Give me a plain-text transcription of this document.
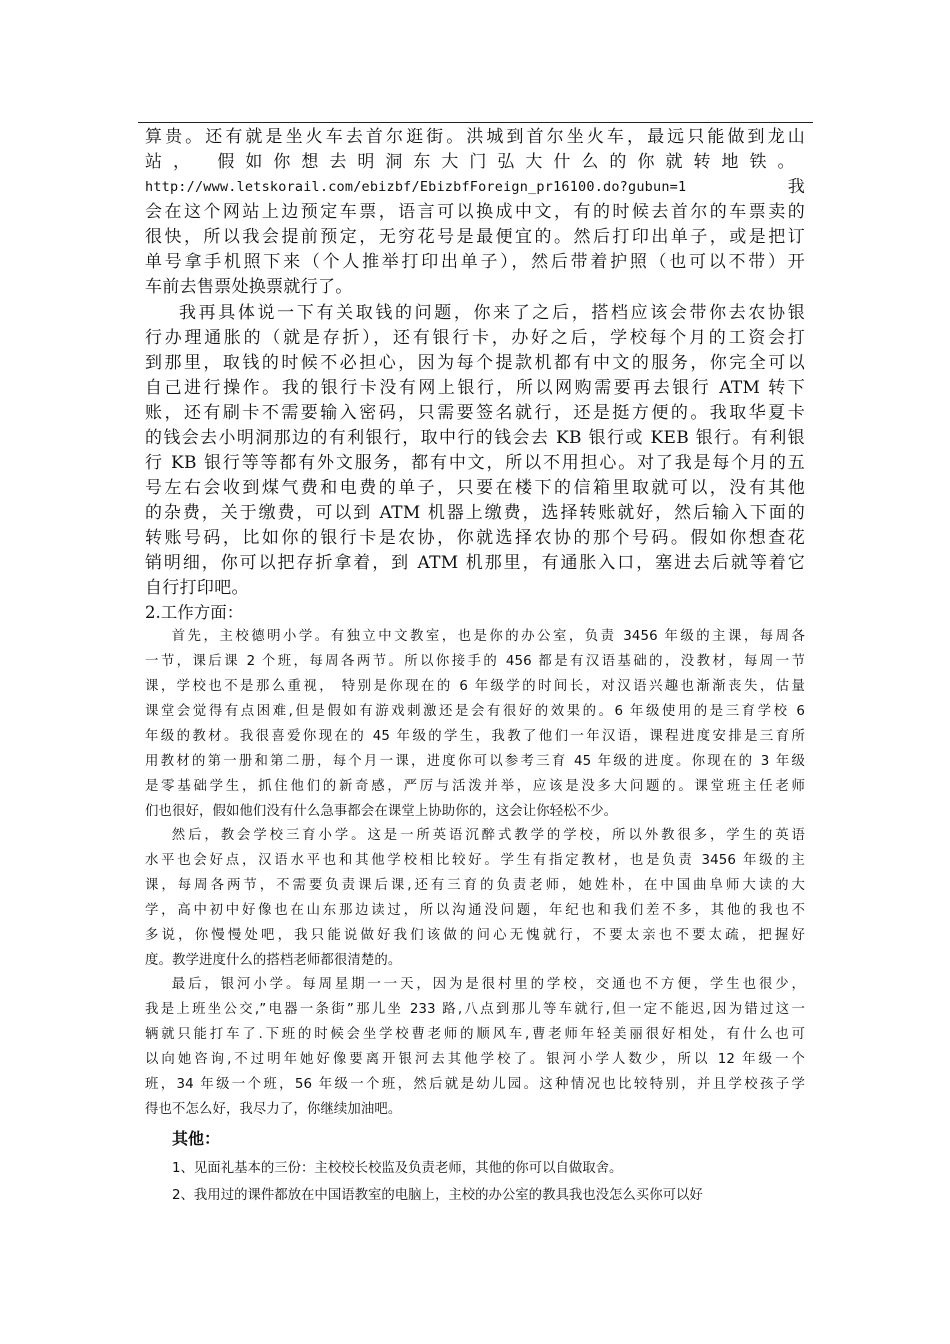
算贵。还有就是坐火车去首尔逛街。洪城到首尔坐火车，最远只能做到龙山

站， 假如你想去明洞东大门弘大什么的你就转地铁。

http://www.letskorail.com/ebizbf/EbizbfForeign_pr16100.do?gubun=1	我

会在这个网站上边预定车票，语言可以换成中文，有的时候去首尔的车票卖的

很快，所以我会提前预定，无穷花号是最便宜的。然后打印出单子，或是把订

单号拿手机照下来（个人推举打印出单子），然后带着护照（也可以不带）开

车前去售票处换票就行了。

我再具体说一下有关取钱的问题，你来了之后，搭档应该会带你去农协银

行办理通胀的（就是存折），还有银行卡，办好之后，学校每个月的工资会打

到那里，取钱的时候不必担心，因为每个提款机都有中文的服务，你完全可以

自己进行操作。我的银行卡没有网上银行，所以网购需要再去银行 ATM 转下

账，还有刷卡不需要输入密码，只需要签名就行，还是挺方便的。我取华夏卡

的钱会去小明洞那边的有利银行，取中行的钱会去 KB 银行或 KEB 银行。有利银

行 KB 银行等等都有外文服务，都有中文，所以不用担心。对了我是每个月的五

号左右会收到煤气费和电费的单子，只要在楼下的信箱里取就可以，没有其他

的杂费，关于缴费，可以到 ATM 机器上缴费，选择转账就好，然后输入下面的

转账号码，比如你的银行卡是农协，你就选择农协的那个号码。假如你想查花

销明细，你可以把存折拿着，到 ATM 机那里，有通胀入口，塞进去后就等着它

自行打印吧。

2.工作方面：

首先，主校德明小学。有独立中文教室，也是你的办公室，负责 3456 年级的主课，每周各

一节，课后课 2 个班，每周各两节。所以你接手的 456 都是有汉语基础的，没教材，每周一节

课，学校也不是那么重视， 特别是你现在的 6 年级学的时间长，对汉语兴趣也渐渐丧失，估量

课堂会觉得有点困难,但是假如有游戏刺激还是会有很好的效果的。6 年级使用的是三育学校 6

年级的教材。我很喜爱你现在的 45 年级的学生，我教了他们一年汉语，课程进度安排是三育所

用教材的第一册和第二册，每个月一课，进度你可以参考三育 45 年级的进度。你现在的 3 年级

是零基础学生，抓住他们的新奇感，严厉与活泼并举，应该是没多大问题的。课堂班主任老师

们也很好，假如他们没有什么急事都会在课堂上协助你的，这会让你轻松不少。

然后，教会学校三育小学。这是一所英语沉醉式教学的学校，所以外教很多，学生的英语

水平也会好点，汉语水平也和其他学校相比较好。学生有指定教材，也是负责 3456 年级的主

课，每周各两节，不需要负责课后课,还有三育的负责老师，她姓朴，在中国曲阜师大读的大

学，高中初中好像也在山东那边读过，所以沟通没问题，年纪也和我们差不多，其他的我也不

多说，你慢慢处吧，我只能说做好我们该做的问心无愧就行，不要太亲也不要太疏，把握好

度。教学进度什么的搭档老师都很清楚的。

最后，银河小学。每周星期一一天，因为是很村里的学校，交通也不方便，学生也很少，

我是上班坐公交,”电器一条街”那儿坐 233 路,八点到那儿等车就行,但一定不能迟,因为错过这一

辆就只能打车了.下班的时候会坐学校曹老师的顺风车,曹老师年轻美丽很好相处，有什么也可

以向她咨询,不过明年她好像要离开银河去其他学校了。银河小学人数少，所以 12 年级一个

班，34 年级一个班，56 年级一个班，然后就是幼儿园。这种情况也比较特别，并且学校孩子学

得也不怎么好，我尽力了，你继续加油吧。

其他：
1、见面礼基本的三份：主校校长校监及负责老师，其他的你可以自做取舍。
2、我用过的课件都放在中国语教室的电脑上，主校的办公室的教具我也没怎么买你可以好
